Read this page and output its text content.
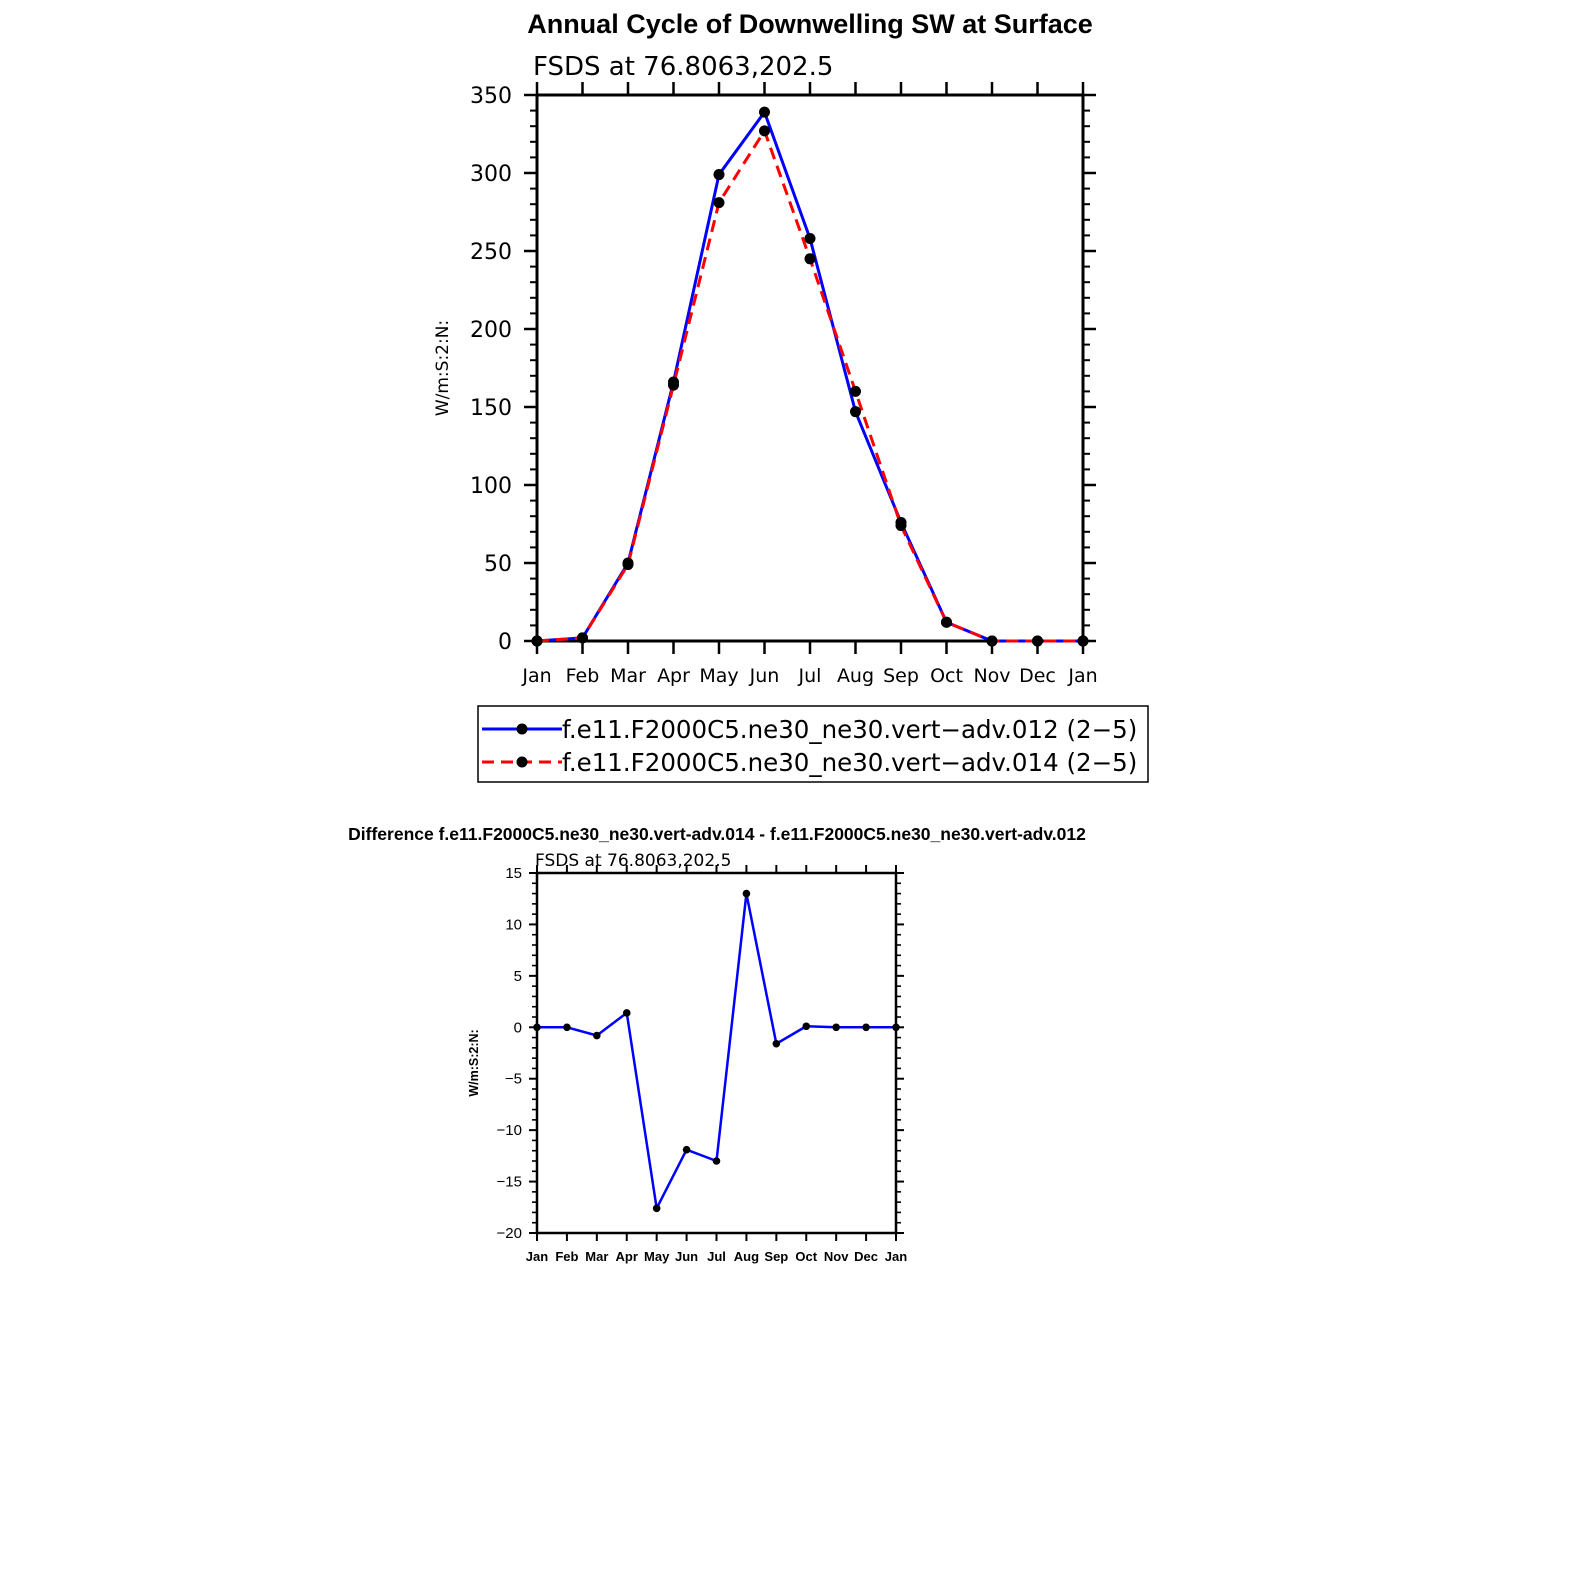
Annual Cycle of Downwelling SW at Surface
FSDS at 76.8063,202.5
W/m:S:2:N:
Jan Feb Mar Apr May Jun Jul Aug Sep Oct Nov Dec Jan
0
50
100
150
200
250
300
350
f.e11.F2000C5.ne30_ne30.vert−adv.012 (2−5)
f.e11.F2000C5.ne30_ne30.vert−adv.014 (2−5)
Difference f.e11.F2000C5.ne30_ne30.vert-adv.014 - f.e11.F2000C5.ne30_ne30.vert-adv.012
FSDS at 76.8063,202.5
W/m:S:2:N:
Jan Feb Mar Apr May Jun Jul Aug Sep Oct Nov Dec Jan
−20
−15
−10
−5
0
5
10
15
